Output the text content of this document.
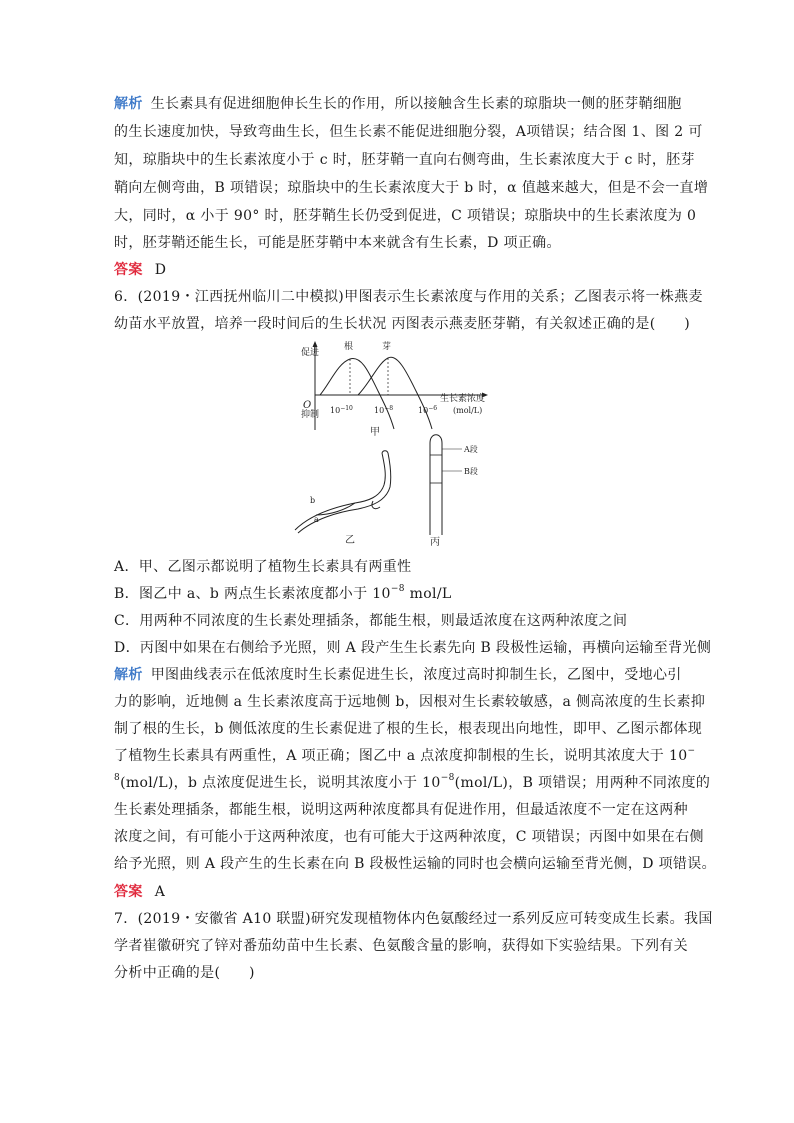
解析 生长素具有促进细胞伸长生长的作用，所以接触含生长素的琼脂块一侧的胚芽鞘细胞
的生长速度加快，导致弯曲生长，但生长素不能促进细胞分裂，A项错误；结合图 1、图 2 可
知，琼脂块中的生长素浓度小于 c 时，胚芽鞘一直向右侧弯曲，生长素浓度大于 c 时，胚芽
鞘向左侧弯曲，B 项错误；琼脂块中的生长素浓度大于 b 时，α 值越来越大，但是不会一直增
大，同时，α 小于 90° 时，胚芽鞘生长仍受到促进，C 项错误；琼脂块中的生长素浓度为 0
时，胚芽鞘还能生长，可能是胚芽鞘中本来就含有生长素，D 项正确。
答案 D
6．(2019・江西抚州临川二中模拟)甲图表示生长素浓度与作用的关系；乙图表示将一株燕麦
幼苗水平放置，培养一段时间后的生长状况 丙图表示燕麦胚芽鞘，有关叙述正确的是(　　)
促进
O
抑制
根	芽
生长素浓度
(mol/L)
$10^{-10}$	$10^{-8}$	$10^{-6}$
甲
b
a
乙
A段
B段
丙
A．甲、乙图示都说明了植物生长素具有两重性
B．图乙中 a、b 两点生长素浓度都小于 $10^{-8}$ mol/L
C．用两种不同浓度的生长素处理插条，都能生根，则最适浓度在这两种浓度之间
D．丙图中如果在右侧给予光照，则 A 段产生生长素先向 B 段极性运输，再横向运输至背光侧
解析 甲图曲线表示在低浓度时生长素促进生长，浓度过高时抑制生长，乙图中，受地心引
力的影响，近地侧 a 生长素浓度高于远地侧 b，因根对生长素较敏感，a 侧高浓度的生长素抑
制了根的生长，b 侧低浓度的生长素促进了根的生长，根表现出向地性，即甲、乙图示都体现
了植物生长素具有两重性，A 项正确；图乙中 a 点浓度抑制根的生长，说明其浓度大于 10−
$^8$(mol/L)，b 点浓度促进生长，说明其浓度小于 $10^{-8}(mol/L)$，B 项错误；用两种不同浓度的
生长素处理插条，都能生根，说明这两种浓度都具有促进作用，但最适浓度不一定在这两种
浓度之间，有可能小于这两种浓度，也有可能大于这两种浓度，C 项错误；丙图中如果在右侧
给予光照，则 A 段产生的生长素在向 B 段极性运输的同时也会横向运输至背光侧，D 项错误。
答案 A
7．(2019・安徽省 A10 联盟)研究发现植物体内色氨酸经过一系列反应可转变成生长素。我国
学者崔徽研究了锌对番茄幼苗中生长素、色氨酸含量的影响，获得如下实验结果。下列有关
分析中正确的是(　　)
